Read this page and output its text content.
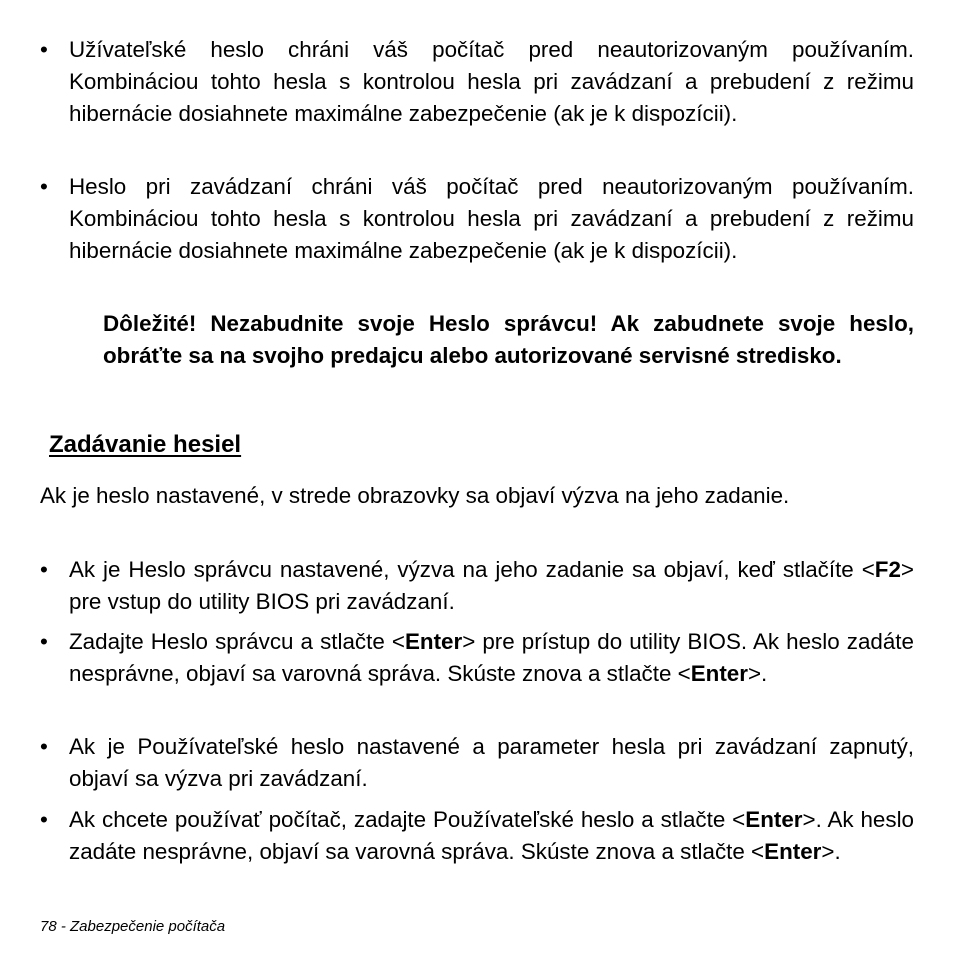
• Užívateľské heslo chráni váš počítač pred neautorizovaným používaním. Kombináciou tohto hesla s kontrolou hesla pri zavádzaní a prebudení z režimu hibernácie dosiahnete maximálne zabezpečenie (ak je k dispozícii).
• Heslo pri zavádzaní chráni váš počítač pred neautorizovaným používaním. Kombináciou tohto hesla s kontrolou hesla pri zavádzaní a prebudení z režimu hibernácie dosiahnete maximálne zabezpečenie (ak je k dispozícii).
Dôležité! Nezabudnite svoje Heslo správcu! Ak zabudnete svoje heslo, obráťte sa na svojho predajcu alebo autorizované servisné stredisko.
Zadávanie hesiel
Ak je heslo nastavené, v strede obrazovky sa objaví výzva na jeho zadanie.
• Ak je Heslo správcu nastavené, výzva na jeho zadanie sa objaví, keď stlačíte <F2> pre vstup do utility BIOS pri zavádzaní.
• Zadajte Heslo správcu a stlačte <Enter> pre prístup do utility BIOS. Ak heslo zadáte nesprávne, objaví sa varovná správa. Skúste znova a stlačte <Enter>.
• Ak je Používateľské heslo nastavené a parameter hesla pri zavádzaní zapnutý, objaví sa výzva pri zavádzaní.
• Ak chcete používať počítač, zadajte Používateľské heslo a stlačte <Enter>. Ak heslo zadáte nesprávne, objaví sa varovná správa. Skúste znova a stlačte <Enter>.
78 - Zabezpečenie počítača
